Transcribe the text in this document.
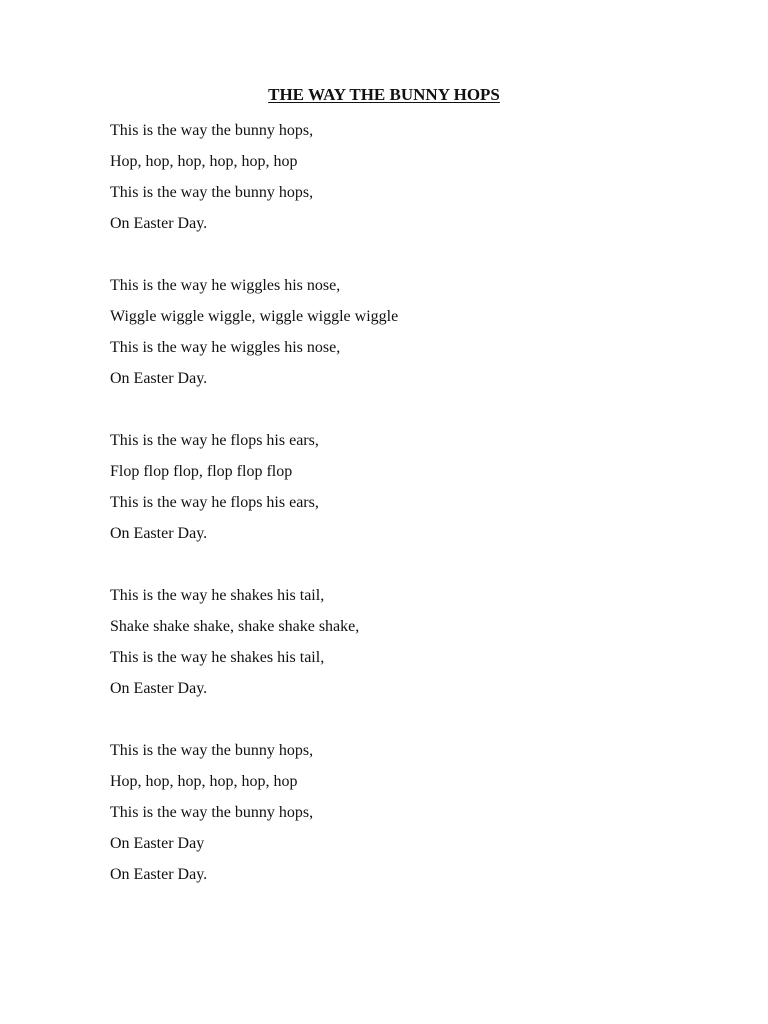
THE WAY THE BUNNY HOPS

This is the way the bunny hops,

Hop, hop, hop, hop, hop, hop

This is the way the bunny hops,

On Easter Day.

This is the way he wiggles his nose,

Wiggle wiggle wiggle, wiggle wiggle wiggle

This is the way he wiggles his nose,

On Easter Day.

This is the way he flops his ears,

Flop flop flop, flop flop flop

This is the way he flops his ears,

On Easter Day.

This is the way he shakes his tail,

Shake shake shake, shake shake shake,

This is the way he shakes his tail,

On Easter Day.

This is the way the bunny hops,

Hop, hop, hop, hop, hop, hop

This is the way the bunny hops,

On Easter Day

On Easter Day.
